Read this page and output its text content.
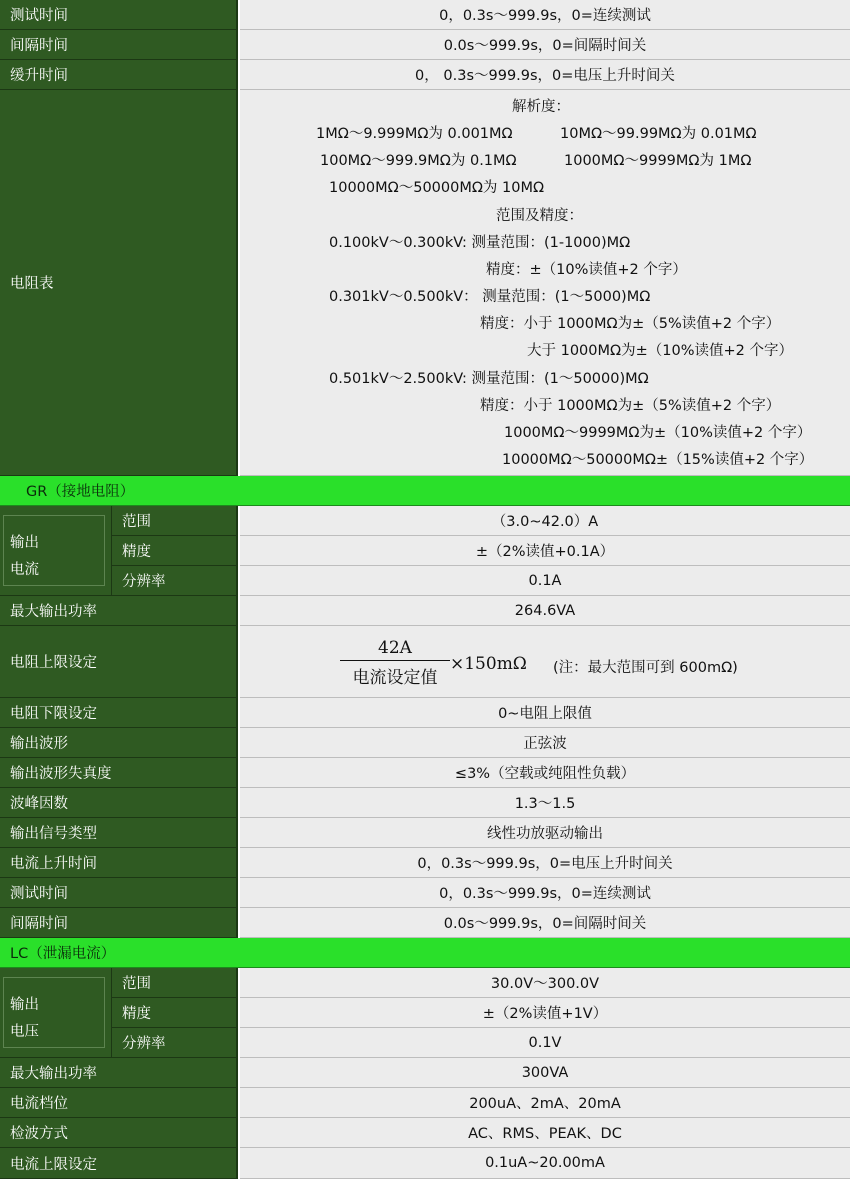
测试时间	0，0.3s～999.9s，0=连续测试
间隔时间	0.0s～999.9s，0=间隔时间关
缓升时间	0， 0.3s～999.9s，0=电压上升时间关
电阻表
解析度：
1MΩ～9.999MΩ为 0.001MΩ	10MΩ～99.99MΩ为 0.01MΩ
100MΩ～999.9MΩ为 0.1MΩ	1000MΩ～9999MΩ为 1MΩ
10000MΩ～50000MΩ为 10MΩ
范围及精度：
0.100kV～0.300kV: 测量范围：(1-1000)MΩ
精度：±（10%读值+2 个字）
0.301kV～0.500kV： 测量范围：(1～5000)MΩ
精度：小于 1000MΩ为±（5%读值+2 个字）
大于 1000MΩ为±（10%读值+2 个字）
0.501kV～2.500kV: 测量范围：(1～50000)MΩ
精度：小于 1000MΩ为±（5%读值+2 个字）
1000MΩ～9999MΩ为±（10%读值+2 个字）
10000MΩ～50000MΩ±（15%读值+2 个字）
GR（接地电阻）
输出
电流
范围	（3.0~42.0）A
精度	±（2%读值+0.1A）
分辨率	0.1A
最大输出功率	264.6VA
电阻上限设定
42A
电流设定值
×150mΩ (注：最大范围可到 600mΩ)
电阻下限设定	0~电阻上限值
输出波形	正弦波
输出波形失真度	≤3%（空载或纯阻性负载）
波峰因数	1.3～1.5
输出信号类型	线性功放驱动输出
电流上升时间	0，0.3s～999.9s，0=电压上升时间关
测试时间	0，0.3s～999.9s，0=连续测试
间隔时间	0.0s～999.9s，0=间隔时间关
LC（泄漏电流）
输出
电压
范围	30.0V～300.0V
精度	±（2%读值+1V）
分辨率	0.1V
最大输出功率	300VA
电流档位	200uA、2mA、20mA
检波方式	AC、RMS、PEAK、DC
电流上限设定	0.1uA~20.00mA
